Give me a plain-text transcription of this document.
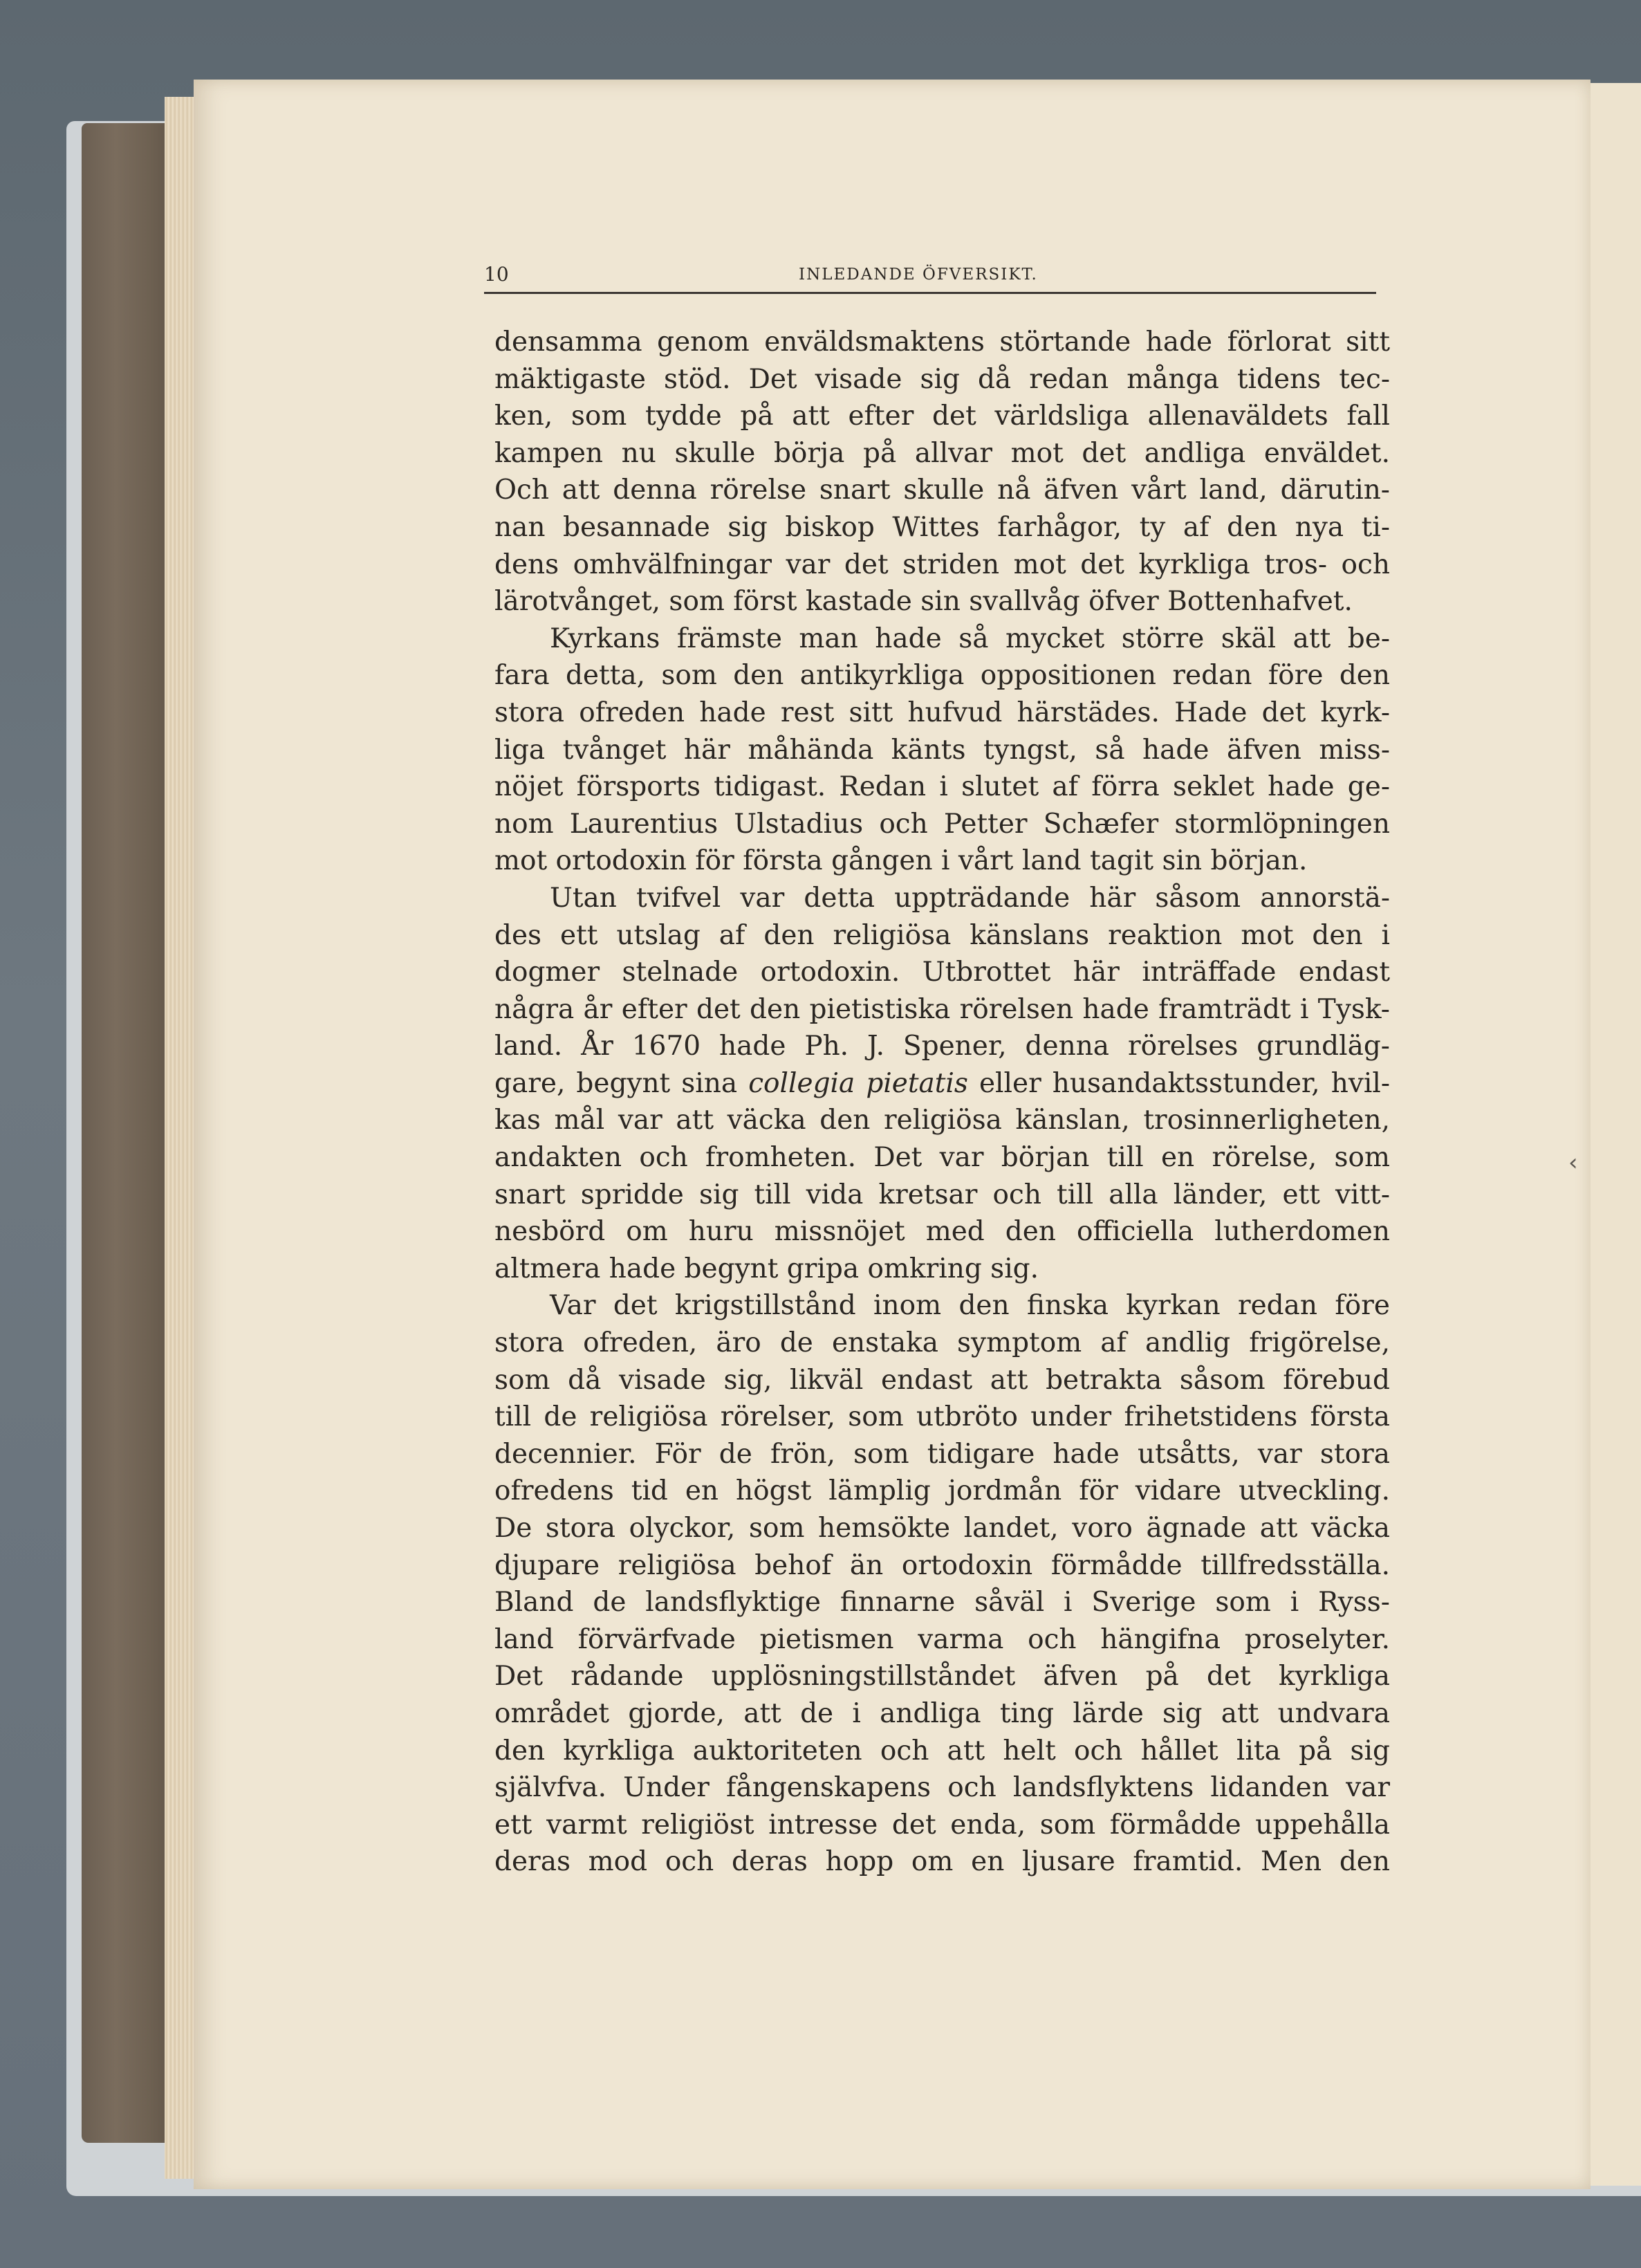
10	INLEDANDE ÖFVERSIKT.
densamma genom enväldsmaktens störtande hade förlorat sitt
mäktigaste stöd. Det visade sig då redan många tidens tec-
ken, som tydde på att efter det världsliga allenaväldets fall
kampen nu skulle börja på allvar mot det andliga enväldet.
Och att denna rörelse snart skulle nå äfven vårt land, därutin-
nan besannade sig biskop Wittes farhågor, ty af den nya ti-
dens omhvälfningar var det striden mot det kyrkliga tros- och
lärotvånget, som först kastade sin svallvåg öfver Bottenhafvet.
Kyrkans främste man hade så mycket större skäl att be-
fara detta, som den antikyrkliga oppositionen redan före den
stora ofreden hade rest sitt hufvud härstädes. Hade det kyrk-
liga tvånget här måhända känts tyngst, så hade äfven miss-
nöjet försports tidigast. Redan i slutet af förra seklet hade ge-
nom Laurentius Ulstadius och Petter Schæfer stormlöpningen
mot ortodoxin för första gången i vårt land tagit sin början.
Utan tvifvel var detta uppträdande här såsom annorstä-
des ett utslag af den religiösa känslans reaktion mot den i
dogmer stelnade ortodoxin. Utbrottet här inträffade endast
några år efter det den pietistiska rörelsen hade framträdt i Tysk-
land. År 1670 hade Ph. J. Spener, denna rörelses grundläg-
gare, begynt sina collegia pietatis eller husandaktsstunder, hvil-
kas mål var att väcka den religiösa känslan, trosinnerligheten,
andakten och fromheten. Det var början till en rörelse, som
snart spridde sig till vida kretsar och till alla länder, ett vitt-
nesbörd om huru missnöjet med den officiella lutherdomen
altmera hade begynt gripa omkring sig.
Var det krigstillstånd inom den finska kyrkan redan före
stora ofreden, äro de enstaka symptom af andlig frigörelse,
som då visade sig, likväl endast att betrakta såsom förebud
till de religiösa rörelser, som utbröto under frihetstidens första
decennier. För de frön, som tidigare hade utsåtts, var stora
ofredens tid en högst lämplig jordmån för vidare utveckling.
De stora olyckor, som hemsökte landet, voro ägnade att väcka
djupare religiösa behof än ortodoxin förmådde tillfredsställa.
Bland de landsflyktige finnarne såväl i Sverige som i Ryss-
land förvärfvade pietismen varma och hängifna proselyter.
Det rådande upplösningstillståndet äfven på det kyrkliga
området gjorde, att de i andliga ting lärde sig att undvara
den kyrkliga auktoriteten och att helt och hållet lita på sig
självfva. Under fångenskapens och landsflyktens lidanden var
ett varmt religiöst intresse det enda, som förmådde uppehålla
deras mod och deras hopp om en ljusare framtid. Men den
‹
